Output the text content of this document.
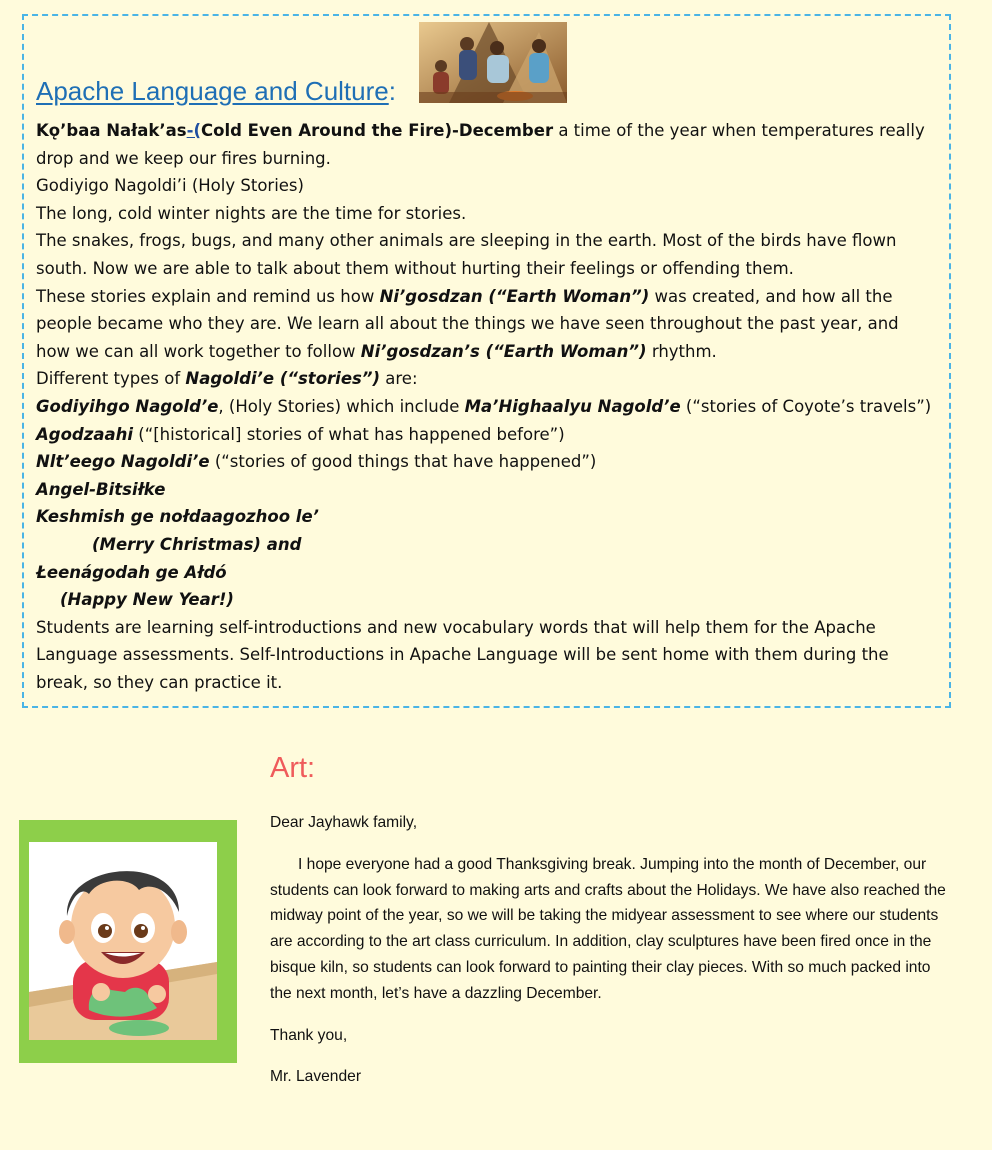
Apache Language and Culture:

Kǫ’baa Nałak’as-(Cold Even Around the Fire)-December a time of the year when temperatures really drop and we keep our fires burning.

Godiyigo Nagoldi’i (Holy Stories)

The long, cold winter nights are the time for stories.

The snakes, frogs, bugs, and many other animals are sleeping in the earth. Most of the birds have flown south. Now we are able to talk about them without hurting their feelings or offending them.

These stories explain and remind us how Ni’gosdzan (“Earth Woman”) was created, and how all the people became who they are. We learn all about the things we have seen throughout the past year, and how we can all work together to follow Ni’gosdzan’s (“Earth Woman”) rhythm.

Different types of Nagoldi’e (“stories”) are:

Godiyihgo Nagold’e, (Holy Stories) which include Ma’Highaalyu Nagold’e (“stories of Coyote’s travels”)

Agodzaahi (“[historical] stories of what has happened before”)

Nlt’eego Nagoldi’e (“stories of good things that have happened”)

Angel-Bitsiłke

Keshmish ge nołdaagozhoo le’

(Merry Christmas) and

Łeenágodah ge Ałdó

(Happy New Year!)

Students are learning self-introductions and new vocabulary words that will help them for the Apache Language assessments. Self-Introductions in Apache Language will be sent home with them during the break, so they can practice it.

Art:

Dear Jayhawk family,

I hope everyone had a good Thanksgiving break. Jumping into the month of December, our students can look forward to making arts and crafts about the Holidays. We have also reached the midway point of the year, so we will be taking the midyear assessment to see where our students are according to the art class curriculum. In addition, clay sculptures have been fired once in the bisque kiln, so students can look forward to painting their clay pieces. With so much packed into the next month, let’s have a dazzling December.

Thank you,

Mr. Lavender
